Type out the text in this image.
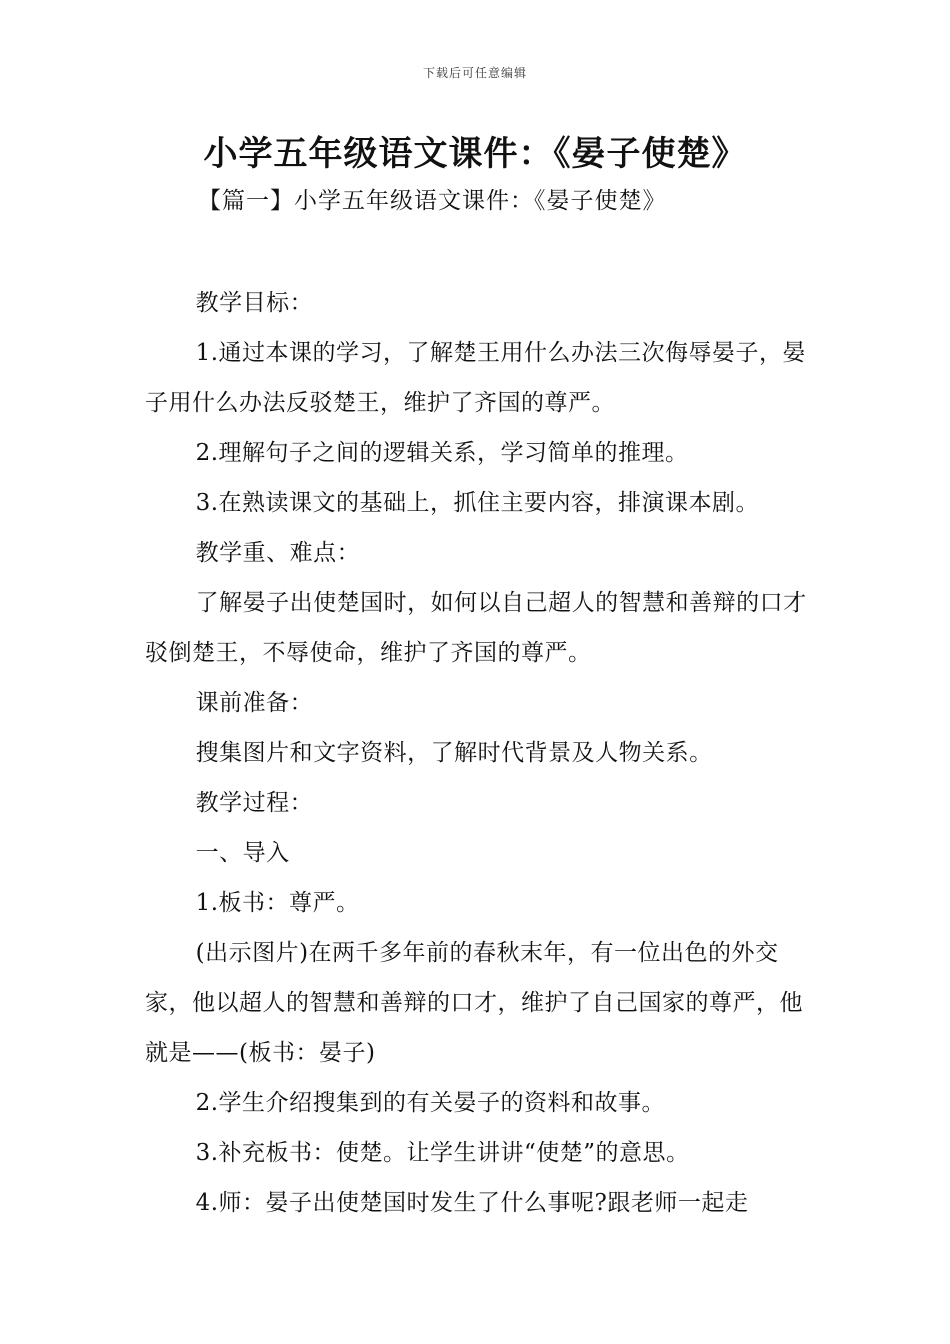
下载后可任意编辑
小学五年级语文课件：《晏子使楚》
【篇一】小学五年级语文课件：《晏子使楚》

教学目标：

1.通过本课的学习，了解楚王用什么办法三次侮辱晏子，晏子用什么办法反驳楚王，维护了齐国的尊严。

2.理解句子之间的逻辑关系，学习简单的推理。

3.在熟读课文的基础上，抓住主要内容，排演课本剧。

教学重、难点：

了解晏子出使楚国时，如何以自己超人的智慧和善辩的口才驳倒楚王，不辱使命，维护了齐国的尊严。

课前准备：

搜集图片和文字资料，了解时代背景及人物关系。

教学过程：

一、导入

1.板书：尊严。

(出示图片)在两千多年前的春秋末年，有一位出色的外交家，他以超人的智慧和善辩的口才，维护了自己国家的尊严，他就是——(板书：晏子)

2.学生介绍搜集到的有关晏子的资料和故事。

3.补充板书：使楚。让学生讲讲“使楚”的意思。

4.师：晏子出使楚国时发生了什么事呢?跟老师一起走
